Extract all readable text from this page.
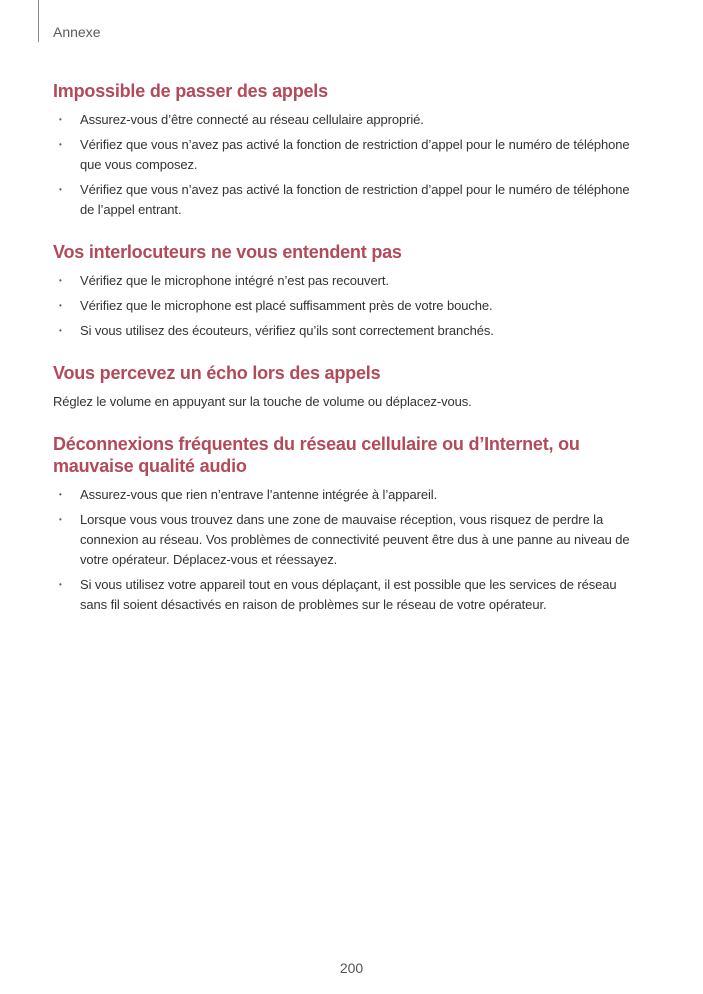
Annexe
Impossible de passer des appels
• Assurez-vous d’être connecté au réseau cellulaire approprié.
• Vérifiez que vous n’avez pas activé la fonction de restriction d’appel pour le numéro de téléphone que vous composez.
• Vérifiez que vous n’avez pas activé la fonction de restriction d’appel pour le numéro de téléphone de l’appel entrant.
Vos interlocuteurs ne vous entendent pas
• Vérifiez que le microphone intégré n’est pas recouvert.
• Vérifiez que le microphone est placé suffisamment près de votre bouche.
• Si vous utilisez des écouteurs, vérifiez qu’ils sont correctement branchés.
Vous percevez un écho lors des appels

Réglez le volume en appuyant sur la touche de volume ou déplacez-vous.

Déconnexions fréquentes du réseau cellulaire ou d’Internet, ou mauvaise qualité audio
• Assurez-vous que rien n’entrave l’antenne intégrée à l’appareil.
• Lorsque vous vous trouvez dans une zone de mauvaise réception, vous risquez de perdre la connexion au réseau. Vos problèmes de connectivité peuvent être dus à une panne au niveau de votre opérateur. Déplacez-vous et réessayez.
• Si vous utilisez votre appareil tout en vous déplaçant, il est possible que les services de réseau sans fil soient désactivés en raison de problèmes sur le réseau de votre opérateur.
200
